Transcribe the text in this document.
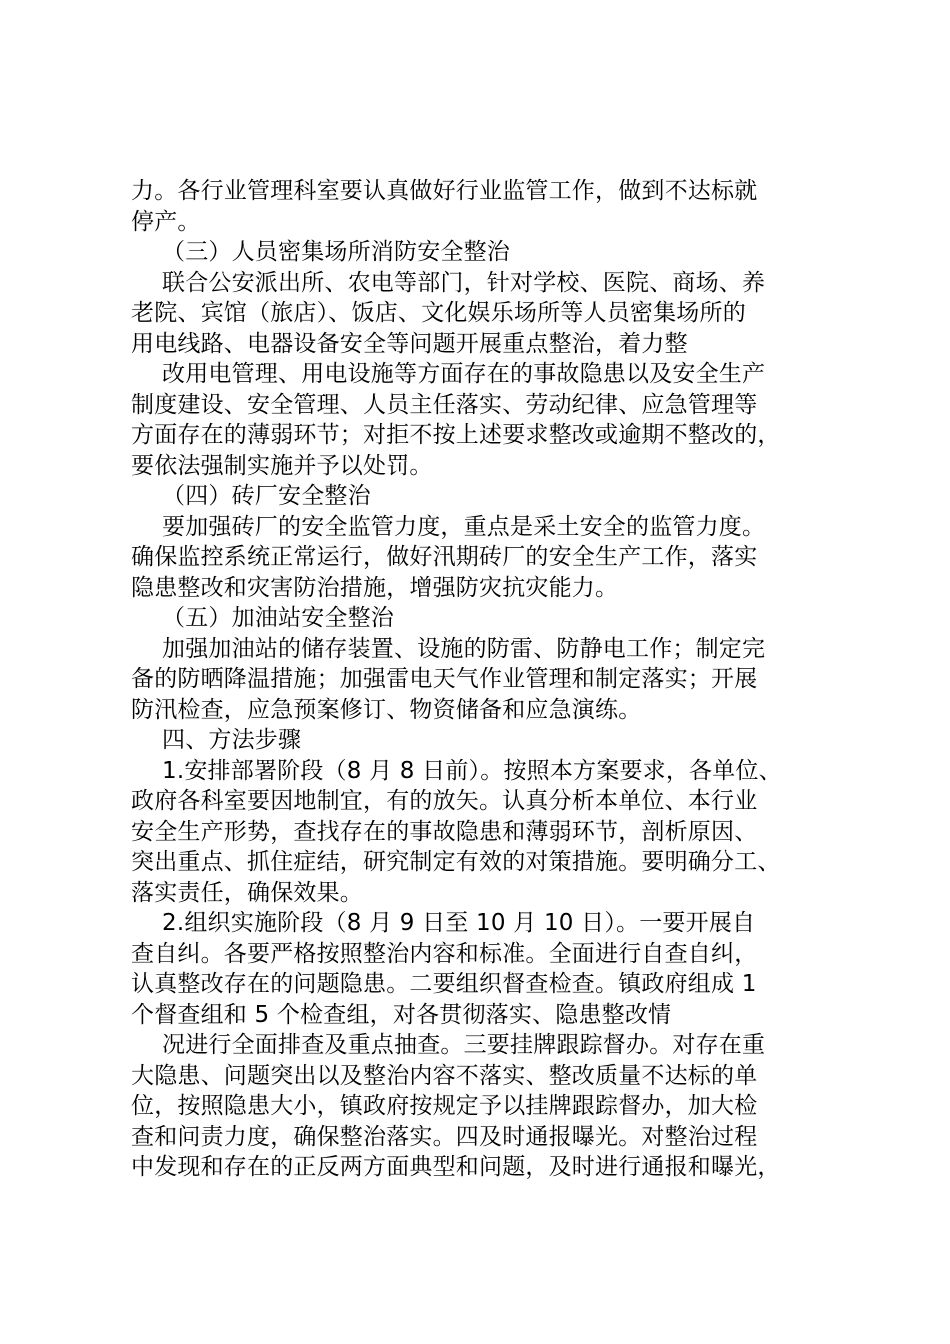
力。各行业管理科室要认真做好行业监管工作，做到不达标就
停产。
（三）人员密集场所消防安全整治
联合公安派出所、农电等部门，针对学校、医院、商场、养
老院、宾馆（旅店）、饭店、文化娱乐场所等人员密集场所的
用电线路、电器设备安全等问题开展重点整治，着力整
改用电管理、用电设施等方面存在的事故隐患以及安全生产
制度建设、安全管理、人员主任落实、劳动纪律、应急管理等
方面存在的薄弱环节；对拒不按上述要求整改或逾期不整改的，
要依法强制实施并予以处罚。
（四）砖厂安全整治
要加强砖厂的安全监管力度，重点是采土安全的监管力度。
确保监控系统正常运行，做好汛期砖厂的安全生产工作，落实
隐患整改和灾害防治措施，增强防灾抗灾能力。
（五）加油站安全整治
加强加油站的储存装置、设施的防雷、防静电工作；制定完
备的防晒降温措施；加强雷电天气作业管理和制定落实；开展
防汛检查，应急预案修订、物资储备和应急演练。
四、方法步骤
1.安排部署阶段（8 月 8 日前）。按照本方案要求，各单位、
政府各科室要因地制宜，有的放矢。认真分析本单位、本行业
安全生产形势，查找存在的事故隐患和薄弱环节，剖析原因、
突出重点、抓住症结，研究制定有效的对策措施。要明确分工、
落实责任，确保效果。
2.组织实施阶段（8 月 9 日至 10 月 10 日）。一要开展自
查自纠。各要严格按照整治内容和标准。全面进行自查自纠，
认真整改存在的问题隐患。二要组织督查检查。镇政府组成 1
个督查组和 5 个检查组，对各贯彻落实、隐患整改情
况进行全面排查及重点抽查。三要挂牌跟踪督办。对存在重
大隐患、问题突出以及整治内容不落实、整改质量不达标的单
位，按照隐患大小，镇政府按规定予以挂牌跟踪督办，加大检
查和问责力度，确保整治落实。四及时通报曝光。对整治过程
中发现和存在的正反两方面典型和问题，及时进行通报和曝光，
